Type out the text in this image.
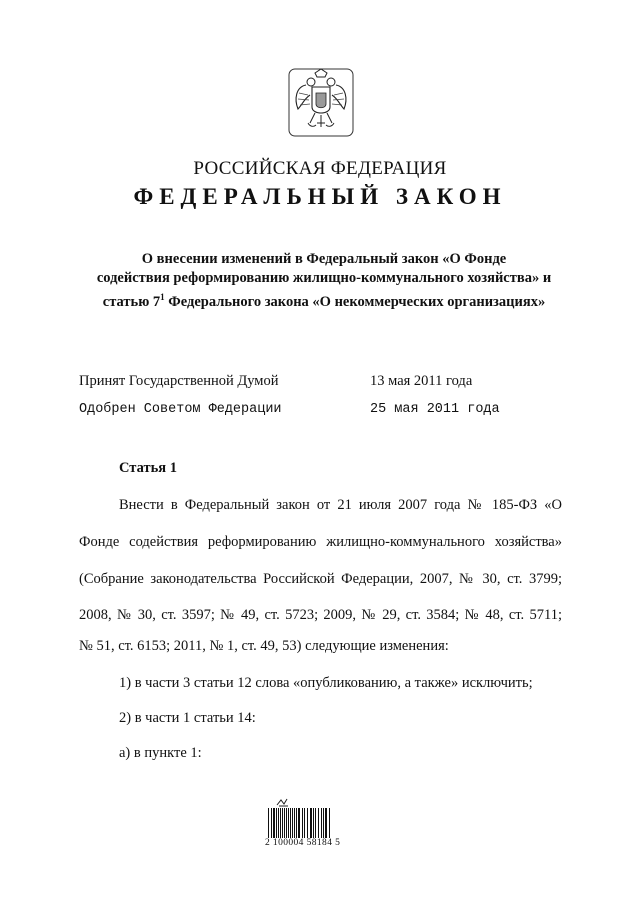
РОССИЙСКАЯ ФЕДЕРАЦИЯ
ФЕДЕРАЛЬНЫЙ ЗАКОН
О внесении изменений в Федеральный закон «О Фонде
содействия реформированию жилищно-коммунального хозяйства» и
статью $7^1$ Федерального закона «О некоммерческих организациях»
Принят Государственной Думой	13 мая 2011 года
Одобрен Советом Федерации	25 мая 2011 года
Статья 1
Внести в Федеральный закон от 21 июля 2007 года № 185-ФЗ «О
Фонде содействия реформированию жилищно-коммунального хозяйства»
(Собрание законодательства Российской Федерации, 2007, № 30, ст. 3799;
2008, № 30, ст. 3597; № 49, ст. 5723; 2009, № 29, ст. 3584; № 48, ст. 5711;
№ 51, ст. 6153; 2011, № 1, ст. 49, 53) следующие изменения:
1) в части 3 статьи 12 слова «опубликованию, а также» исключить;
2) в части 1 статьи 14:
а) в пункте 1:
2 100004 58184 5
